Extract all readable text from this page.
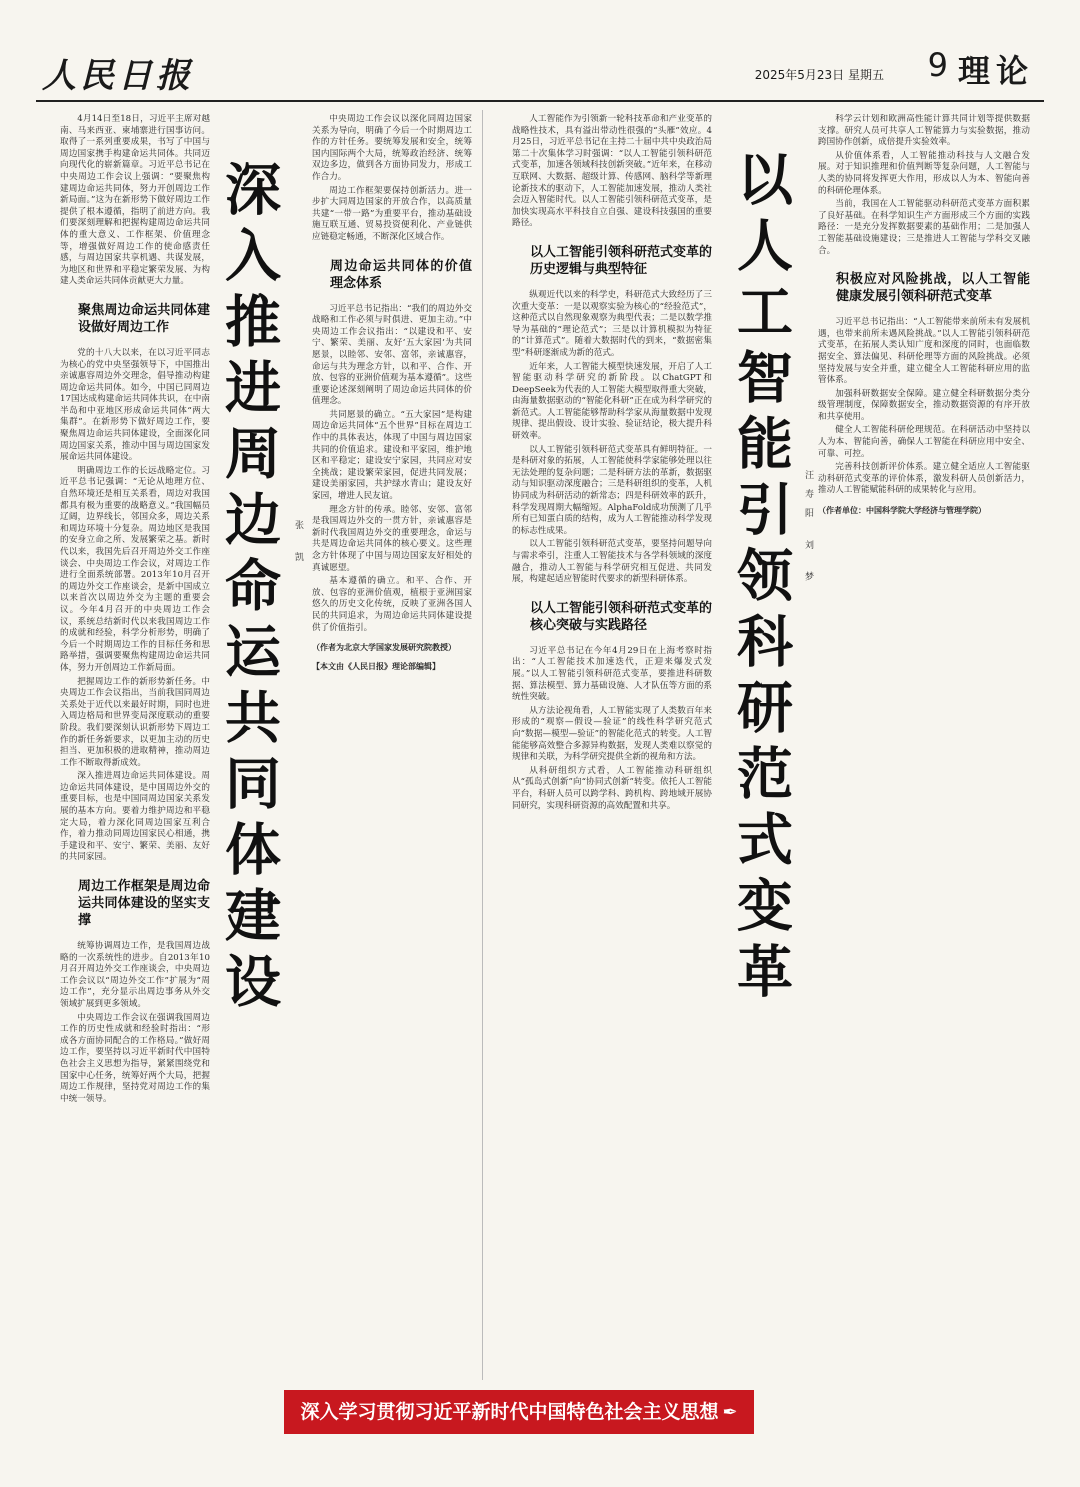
人民日报	2025年5月23日 星期五 9 理论
深入推进周边命运共同体建设	张 凯

4月14日至18日，习近平主席对越南、马来西亚、柬埔寨进行国事访问。取得了一系列重要成果，书写了中国与周边国家携手构建命运共同体。共同迈向现代化的崭新篇章。习近平总书记在中央周边工作会议上强调：“要聚焦构建周边命运共同体，努力开创周边工作新局面。”这为在新形势下做好周边工作提供了根本遵循，指明了前进方向。我们要深刻理解和把握构建周边命运共同体的重大意义、工作框架、价值理念等，增强做好周边工作的使命感责任感，与周边国家共享机遇、共谋发展，为地区和世界和平稳定繁荣发展、为构建人类命运共同体贡献更大力量。

聚焦周边命运共同体建设做好周边工作

党的十八大以来，在以习近平同志为核心的党中央坚强领导下，中国推出亲诚惠容周边外交理念，倡导推动构建周边命运共同体。如今，中国已同周边17国达成构建命运共同体共识，在中南半岛和中亚地区形成命运共同体“两大集群”。在新形势下做好周边工作，要聚焦周边命运共同体建设，全面深化同周边国家关系，推动中国与周边国家发展命运共同体建设。

明确周边工作的长远战略定位。习近平总书记强调：“无论从地理方位、自然环境还是相互关系看，周边对我国都具有极为重要的战略意义。”我国幅员辽阔，边界线长，邻国众多，周边关系和周边环境十分复杂。周边地区是我国的安身立命之所、发展繁荣之基。新时代以来，我国先后召开周边外交工作座谈会、中央周边工作会议，对周边工作进行全面系统部署。2013年10月召开的周边外交工作座谈会，是新中国成立以来首次以周边外交为主题的重要会议。今年4月召开的中央周边工作会议，系统总结新时代以来我国周边工作的成就和经验，科学分析形势，明确了今后一个时期周边工作的目标任务和思路举措，强调要聚焦构建周边命运共同体，努力开创周边工作新局面。

把握周边工作的新形势新任务。中央周边工作会议指出，当前我国同周边关系处于近代以来最好时期，同时也进入周边格局和世界变局深度联动的重要阶段。我们要深刻认识新形势下周边工作的新任务新要求，以更加主动的历史担当、更加积极的进取精神，推动周边工作不断取得新成效。

深入推进周边命运共同体建设。周边命运共同体建设，是中国周边外交的重要目标，也是中国同周边国家关系发展的基本方向。要着力维护周边和平稳定大局，着力深化同周边国家互利合作，着力推动同周边国家民心相通，携手建设和平、安宁、繁荣、美丽、友好的共同家园。

周边工作框架是周边命运共同体建设的坚实支撑

统筹协调周边工作，是我国周边战略的一次系统性的进步。自2013年10月召开周边外交工作座谈会，中央周边工作会议以“周边外交工作”扩展为“周边工作”，充分显示出周边事务从外交领域扩展到更多领域。

中央周边工作会议在强调我国周边工作的历史性成就和经验时指出：“形成各方面协同配合的工作格局。”做好周边工作，要坚持以习近平新时代中国特色社会主义思想为指导，紧紧围绕党和国家中心任务，统筹好两个大局，把握周边工作规律，坚持党对周边工作的集中统一领导。

中央周边工作会议以深化同周边国家关系为导向，明确了今后一个时期周边工作的方针任务。要统筹发展和安全，统筹国内国际两个大局，统筹政治经济、统筹双边多边，做到各方面协同发力，形成工作合力。

周边工作框架要保持创新活力。进一步扩大同周边国家的开放合作，以高质量共建“一带一路”为重要平台，推动基础设施互联互通、贸易投资便利化、产业链供应链稳定畅通，不断深化区域合作。

周边命运共同体的价值理念体系

习近平总书记指出：“我们的周边外交战略和工作必须与时俱进、更加主动。”中央周边工作会议指出：“以建设和平、安宁、繁荣、美丽、友好‘五大家园’为共同愿景，以睦邻、安邻、富邻，亲诚惠容，命运与共为理念方针，以和平、合作、开放、包容的亚洲价值观为基本遵循”。这些重要论述深刻阐明了周边命运共同体的价值理念。

共同愿景的确立。“五大家园”是构建周边命运共同体“五个世界”目标在周边工作中的具体表达，体现了中国与周边国家共同的价值追求。建设和平家园，维护地区和平稳定；建设安宁家园，共同应对安全挑战；建设繁荣家园，促进共同发展；建设美丽家园，共护绿水青山；建设友好家园，增进人民友谊。

理念方针的传承。睦邻、安邻、富邻是我国周边外交的一贯方针，亲诚惠容是新时代我国周边外交的重要理念，命运与共是周边命运共同体的核心要义。这些理念方针体现了中国与周边国家友好相处的真诚愿望。

基本遵循的确立。和平、合作、开放、包容的亚洲价值观，植根于亚洲国家悠久的历史文化传统，反映了亚洲各国人民的共同追求，为周边命运共同体建设提供了价值指引。

（作者为北京大学国家发展研究院教授）
【本文由《人民日报》理论部编辑】	以人工智能引领科研范式变革	汪寿阳 刘 梦

人工智能作为引领新一轮科技革命和产业变革的战略性技术，具有溢出带动性很强的“头雁”效应。4月25日，习近平总书记在主持二十届中共中央政治局第二十次集体学习时强调：“以人工智能引领科研范式变革，加速各领域科技创新突破。”近年来，在移动互联网、大数据、超级计算、传感网、脑科学等新理论新技术的驱动下，人工智能加速发展，推动人类社会迈入智能时代。以人工智能引领科研范式变革，是加快实现高水平科技自立自强、建设科技强国的重要路径。

以人工智能引领科研范式变革的历史逻辑与典型特征

纵观近代以来的科学史，科研范式大致经历了三次重大变革：一是以观察实验为核心的“经验范式”，这种范式以自然现象观察为典型代表；二是以数学推导为基础的“理论范式”；三是以计算机模拟为特征的“计算范式”。随着大数据时代的到来，“数据密集型”科研逐渐成为新的范式。

近年来，人工智能大模型快速发展，开启了人工智能驱动科学研究的新阶段。以ChatGPT和DeepSeek为代表的人工智能大模型取得重大突破，由海量数据驱动的“智能化科研”正在成为科学研究的新范式。人工智能能够帮助科学家从海量数据中发现规律、提出假设、设计实验、验证结论，极大提升科研效率。

以人工智能引领科研范式变革具有鲜明特征。一是科研对象的拓展，人工智能使科学家能够处理以往无法处理的复杂问题；二是科研方法的革新，数据驱动与知识驱动深度融合；三是科研组织的变革，人机协同成为科研活动的新常态；四是科研效率的跃升，科学发现周期大幅缩短。AlphaFold成功预测了几乎所有已知蛋白质的结构，成为人工智能推动科学发现的标志性成果。

以人工智能引领科研范式变革，要坚持问题导向与需求牵引，注重人工智能技术与各学科领域的深度融合，推动人工智能与科学研究相互促进、共同发展，构建起适应智能时代要求的新型科研体系。

以人工智能引领科研范式变革的核心突破与实践路径

习近平总书记在今年4月29日在上海考察时指出：“人工智能技术加速迭代，正迎来爆发式发展。”以人工智能引领科研范式变革，要推进科研数据、算法模型、算力基础设施、人才队伍等方面的系统性突破。

从方法论视角看，人工智能实现了人类数百年来形成的“观察—假设—验证”的线性科学研究范式向“数据—模型—验证”的智能化范式的转变。人工智能能够高效整合多源异构数据，发现人类难以察觉的规律和关联，为科学研究提供全新的视角和方法。

从科研组织方式看，人工智能推动科研组织从“孤岛式创新”向“协同式创新”转变。依托人工智能平台，科研人员可以跨学科、跨机构、跨地域开展协同研究，实现科研资源的高效配置和共享。

科学云计划和欧洲高性能计算共同计划等提供数据支撑。研究人员可共享人工智能算力与实验数据，推动跨国协作创新，成倍提升实验效率。

从价值体系看，人工智能推动科技与人文融合发展。对于知识推理和价值判断等复杂问题，人工智能与人类的协同将发挥更大作用，形成以人为本、智能向善的科研伦理体系。

当前，我国在人工智能驱动科研范式变革方面积累了良好基础。在科学知识生产方面形成三个方面的实践路径：一是充分发挥数据要素的基础作用；二是加强人工智能基础设施建设；三是推进人工智能与学科交叉融合。

积极应对风险挑战，以人工智能健康发展引领科研范式变革

习近平总书记指出：“人工智能带来前所未有发展机遇，也带来前所未遇风险挑战。”以人工智能引领科研范式变革，在拓展人类认知广度和深度的同时，也面临数据安全、算法偏见、科研伦理等方面的风险挑战。必须坚持发展与安全并重，建立健全人工智能科研应用的监管体系。

加强科研数据安全保障。建立健全科研数据分类分级管理制度，保障数据安全，推动数据资源的有序开放和共享使用。

健全人工智能科研伦理规范。在科研活动中坚持以人为本、智能向善，确保人工智能在科研应用中安全、可靠、可控。

完善科技创新评价体系。建立健全适应人工智能驱动科研范式变革的评价体系，激发科研人员创新活力，推动人工智能赋能科研的成果转化与应用。

（作者单位：中国科学院大学经济与管理学院）
深入学习贯彻习近平新时代中国特色社会主义思想 ✒
